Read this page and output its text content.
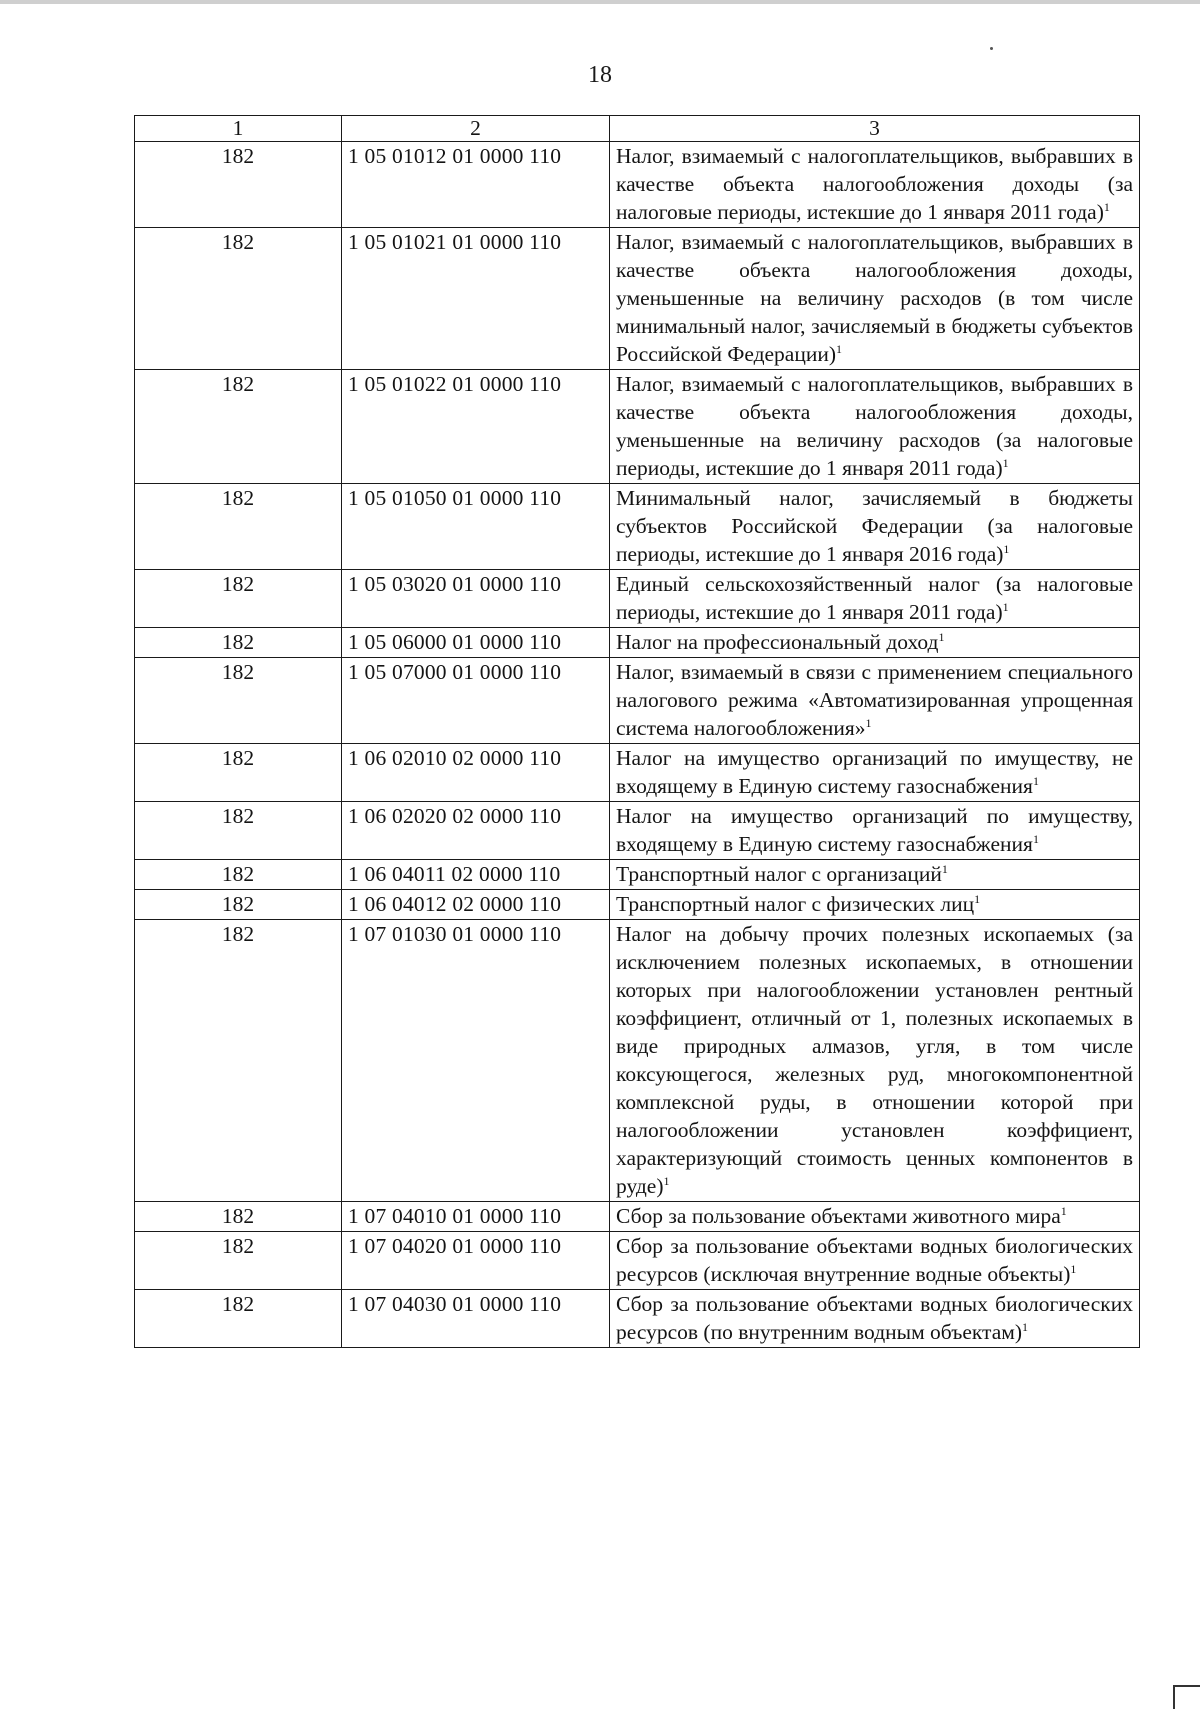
18
1	2	3
182	1 05 01012 01 0000 110	Налог, взимаемый с налогоплательщиков, выбравших в качестве объекта налогообложения доходы (за налоговые периоды, истекшие до 1 января 2011 года)$^1$
182	1 05 01021 01 0000 110	Налог, взимаемый с налогоплательщиков, выбравших в качестве объекта налогообложения доходы, уменьшенные на величину расходов (в том числе минимальный налог, зачисляемый в бюджеты субъектов Российской Федерации)$^1$
182	1 05 01022 01 0000 110	Налог, взимаемый с налогоплательщиков, выбравших в качестве объекта налогообложения доходы, уменьшенные на величину расходов (за налоговые периоды, истекшие до 1 января 2011 года)$^1$
182	1 05 01050 01 0000 110	Минимальный налог, зачисляемый в бюджеты субъектов Российской Федерации (за налоговые периоды, истекшие до 1 января 2016 года)$^1$
182	1 05 03020 01 0000 110	Единый сельскохозяйственный налог (за налоговые периоды, истекшие до 1 января 2011 года)$^1$
182	1 05 06000 01 0000 110	Налог на профессиональный доход$^1$
182	1 05 07000 01 0000 110	Налог, взимаемый в связи с применением специального налогового режима «Автоматизированная упрощенная система налогообложения»$^1$
182	1 06 02010 02 0000 110	Налог на имущество организаций по имуществу, не входящему в Единую систему газоснабжения$^1$
182	1 06 02020 02 0000 110	Налог на имущество организаций по имуществу, входящему в Единую систему газоснабжения$^1$
182	1 06 04011 02 0000 110	Транспортный налог с организаций$^1$
182	1 06 04012 02 0000 110	Транспортный налог с физических лиц$^1$
182	1 07 01030 01 0000 110	Налог на добычу прочих полезных ископаемых (за исключением полезных ископаемых, в отношении которых при налогообложении установлен рентный коэффициент, отличный от 1, полезных ископаемых в виде природных алмазов, угля, в том числе коксующегося, железных руд, многокомпонентной комплексной руды, в отношении которой при налогообложении установлен коэффициент, характеризующий стоимость ценных компонентов в руде)$^1$
182	1 07 04010 01 0000 110	Сбор за пользование объектами животного мира$^1$
182	1 07 04020 01 0000 110	Сбор за пользование объектами водных биологических ресурсов (исключая внутренние водные объекты)$^1$
182	1 07 04030 01 0000 110	Сбор за пользование объектами водных биологических ресурсов (по внутренним водным объектам)$^1$
